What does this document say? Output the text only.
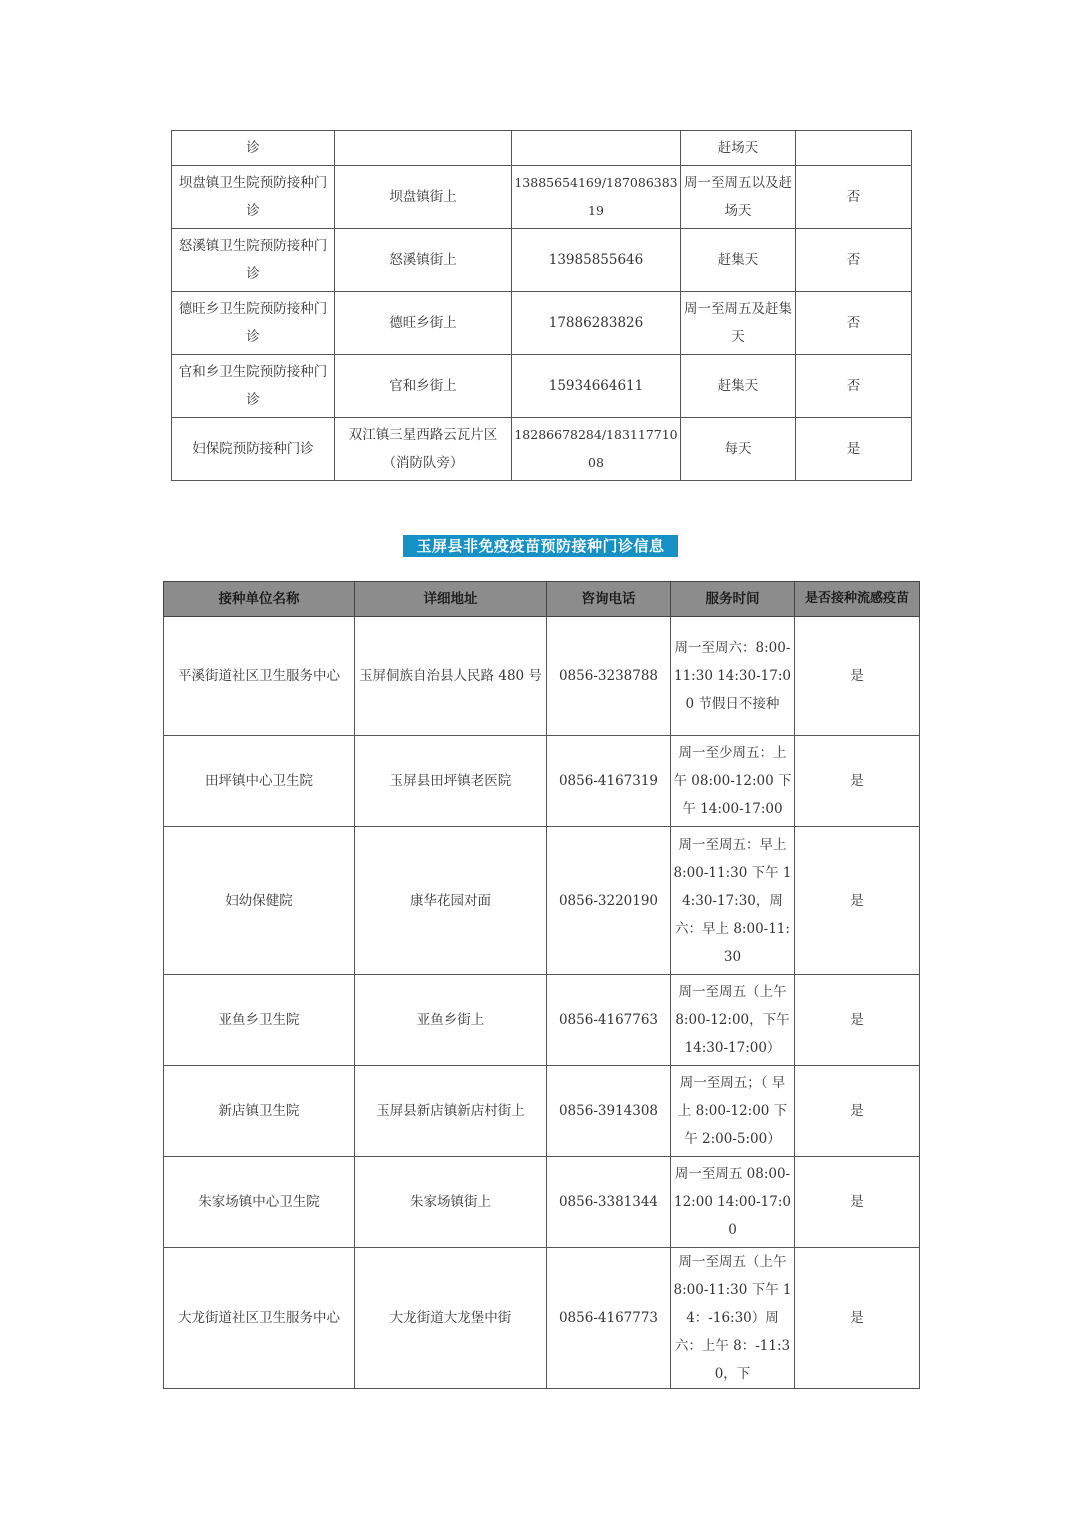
诊			赶场天	
坝盘镇卫生院预防接种门诊	坝盘镇街上	13885654169/18708638319	周一至周五以及赶场天	否
怒溪镇卫生院预防接种门诊	怒溪镇街上	13985855646	赶集天	否
德旺乡卫生院预防接种门诊	德旺乡街上	17886283826	周一至周五及赶集天	否
官和乡卫生院预防接种门诊	官和乡街上	15934664611	赶集天	否
妇保院预防接种门诊	双江镇三星西路云瓦片区（消防队旁）	18286678284/18311771008	每天	是
玉屏县非免疫疫苗预防接种门诊信息
接种单位名称	详细地址	咨询电话	服务时间	是否接种流感疫苗
平溪街道社区卫生服务中心	玉屏侗族自治县人民路 480 号	0856-3238788	周一至周六：8:00-11:30 14:30-17:00 节假日不接种	是
田坪镇中心卫生院	玉屏县田坪镇老医院	0856-4167319	周一至少周五：上午 08:00-12:00 下午 14:00-17:00	是
妇幼保健院	康华花园对面	0856-3220190	周一至周五：早上 8:00-11:30 下午 14:30-17:30，周六：早上 8:00-11:30	是
亚鱼乡卫生院	亚鱼乡街上	0856-4167763	周一至周五（上午 8:00-12:00，下午 14:30-17:00）	是
新店镇卫生院	玉屏县新店镇新店村街上	0856-3914308	周一至周五；（ 早上 8:00-12:00 下午 2:00-5:00）	是
朱家场镇中心卫生院	朱家场镇街上	0856-3381344	周一至周五 08:00-12:00 14:00-17:00	是
大龙街道社区卫生服务中心	大龙街道大龙堡中街	0856-4167773	周一至周五（上午 8:00-11:30 下午 14：-16:30）周六：上午 8：-11:30，下	是
